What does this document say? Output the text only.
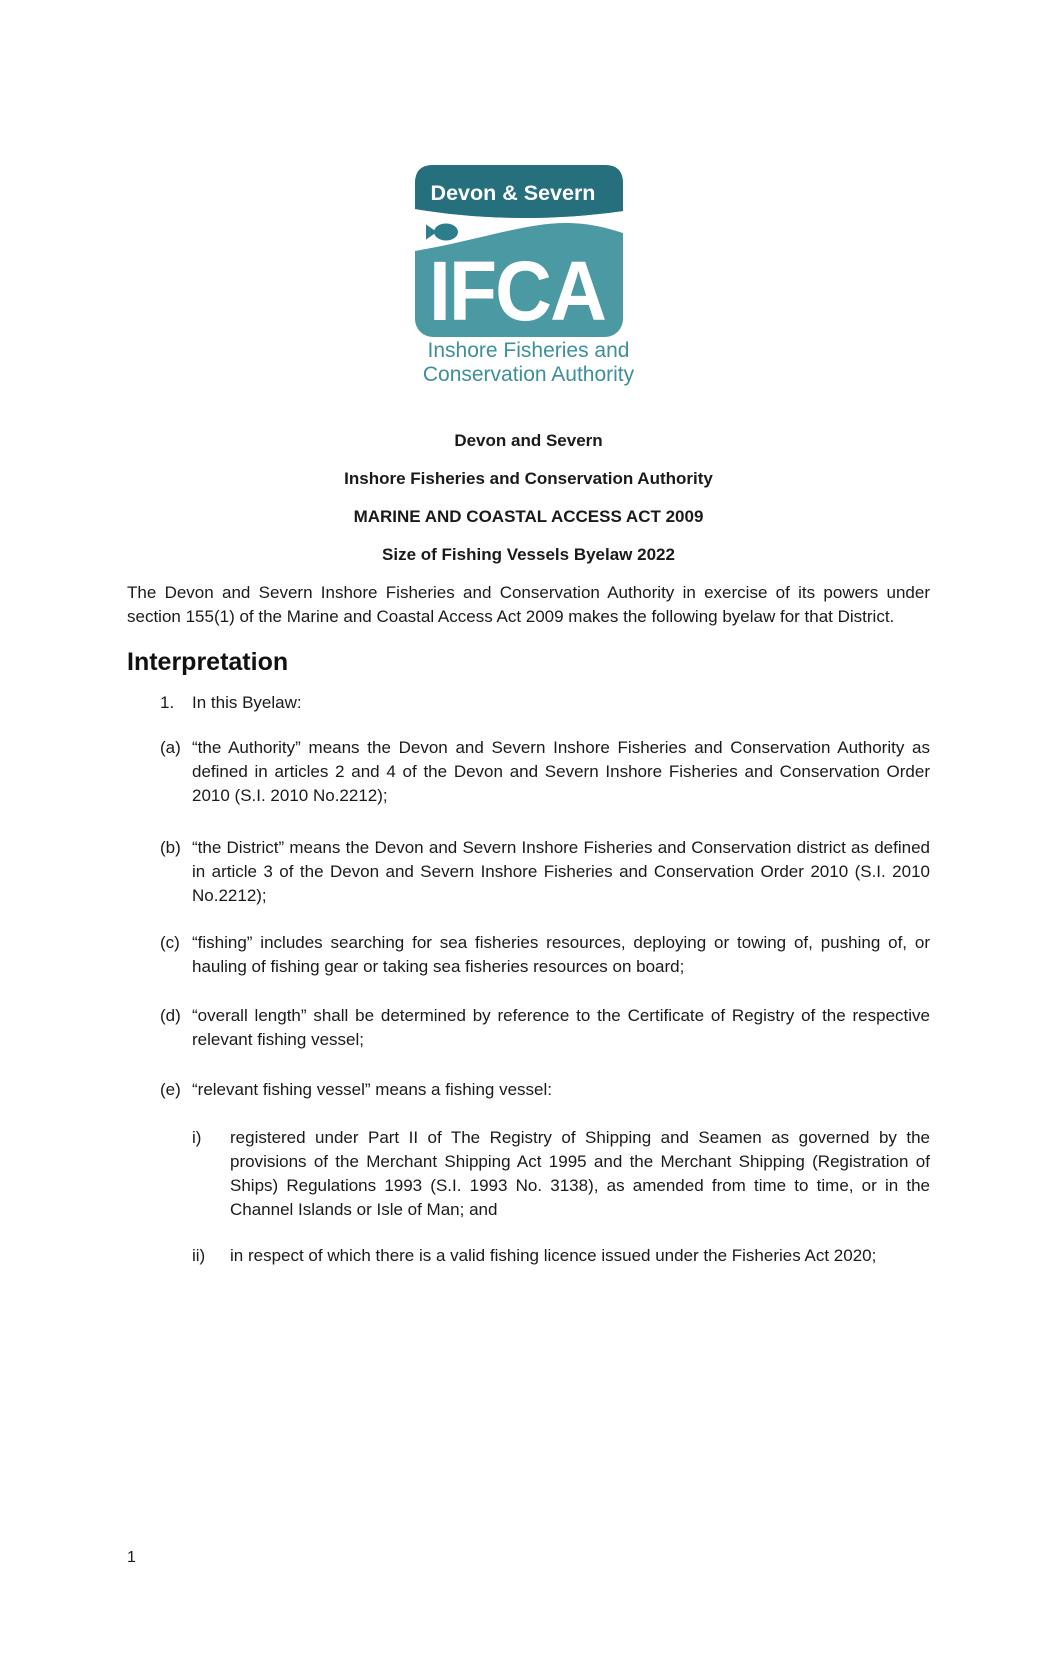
Devon & Severn
IFCA
Inshore Fisheries and
Conservation Authority

Devon and Severn

Inshore Fisheries and Conservation Authority

MARINE AND COASTAL ACCESS ACT 2009

Size of Fishing Vessels Byelaw 2022

The Devon and Severn Inshore Fisheries and Conservation Authority in exercise of its powers under section 155(1) of the Marine and Coastal Access Act 2009 makes the following byelaw for that District.

Interpretation

1. In this Byelaw:

(a) “the Authority” means the Devon and Severn Inshore Fisheries and Conservation Authority as defined in articles 2 and 4 of the Devon and Severn Inshore Fisheries and Conservation Order 2010 (S.I. 2010 No.2212);

(b) “the District” means the Devon and Severn Inshore Fisheries and Conservation district as defined in article 3 of the Devon and Severn Inshore Fisheries and Conservation Order 2010 (S.I. 2010 No.2212);

(c) “fishing” includes searching for sea fisheries resources, deploying or towing of, pushing of, or hauling of fishing gear or taking sea fisheries resources on board;

(d) “overall length” shall be determined by reference to the Certificate of Registry of the respective relevant fishing vessel;

(e) “relevant fishing vessel” means a fishing vessel:

i) registered under Part II of The Registry of Shipping and Seamen as governed by the provisions of the Merchant Shipping Act 1995 and the Merchant Shipping (Registration of Ships) Regulations 1993 (S.I. 1993 No. 3138), as amended from time to time, or in the Channel Islands or Isle of Man; and

ii) in respect of which there is a valid fishing licence issued under the Fisheries Act 2020;

1
